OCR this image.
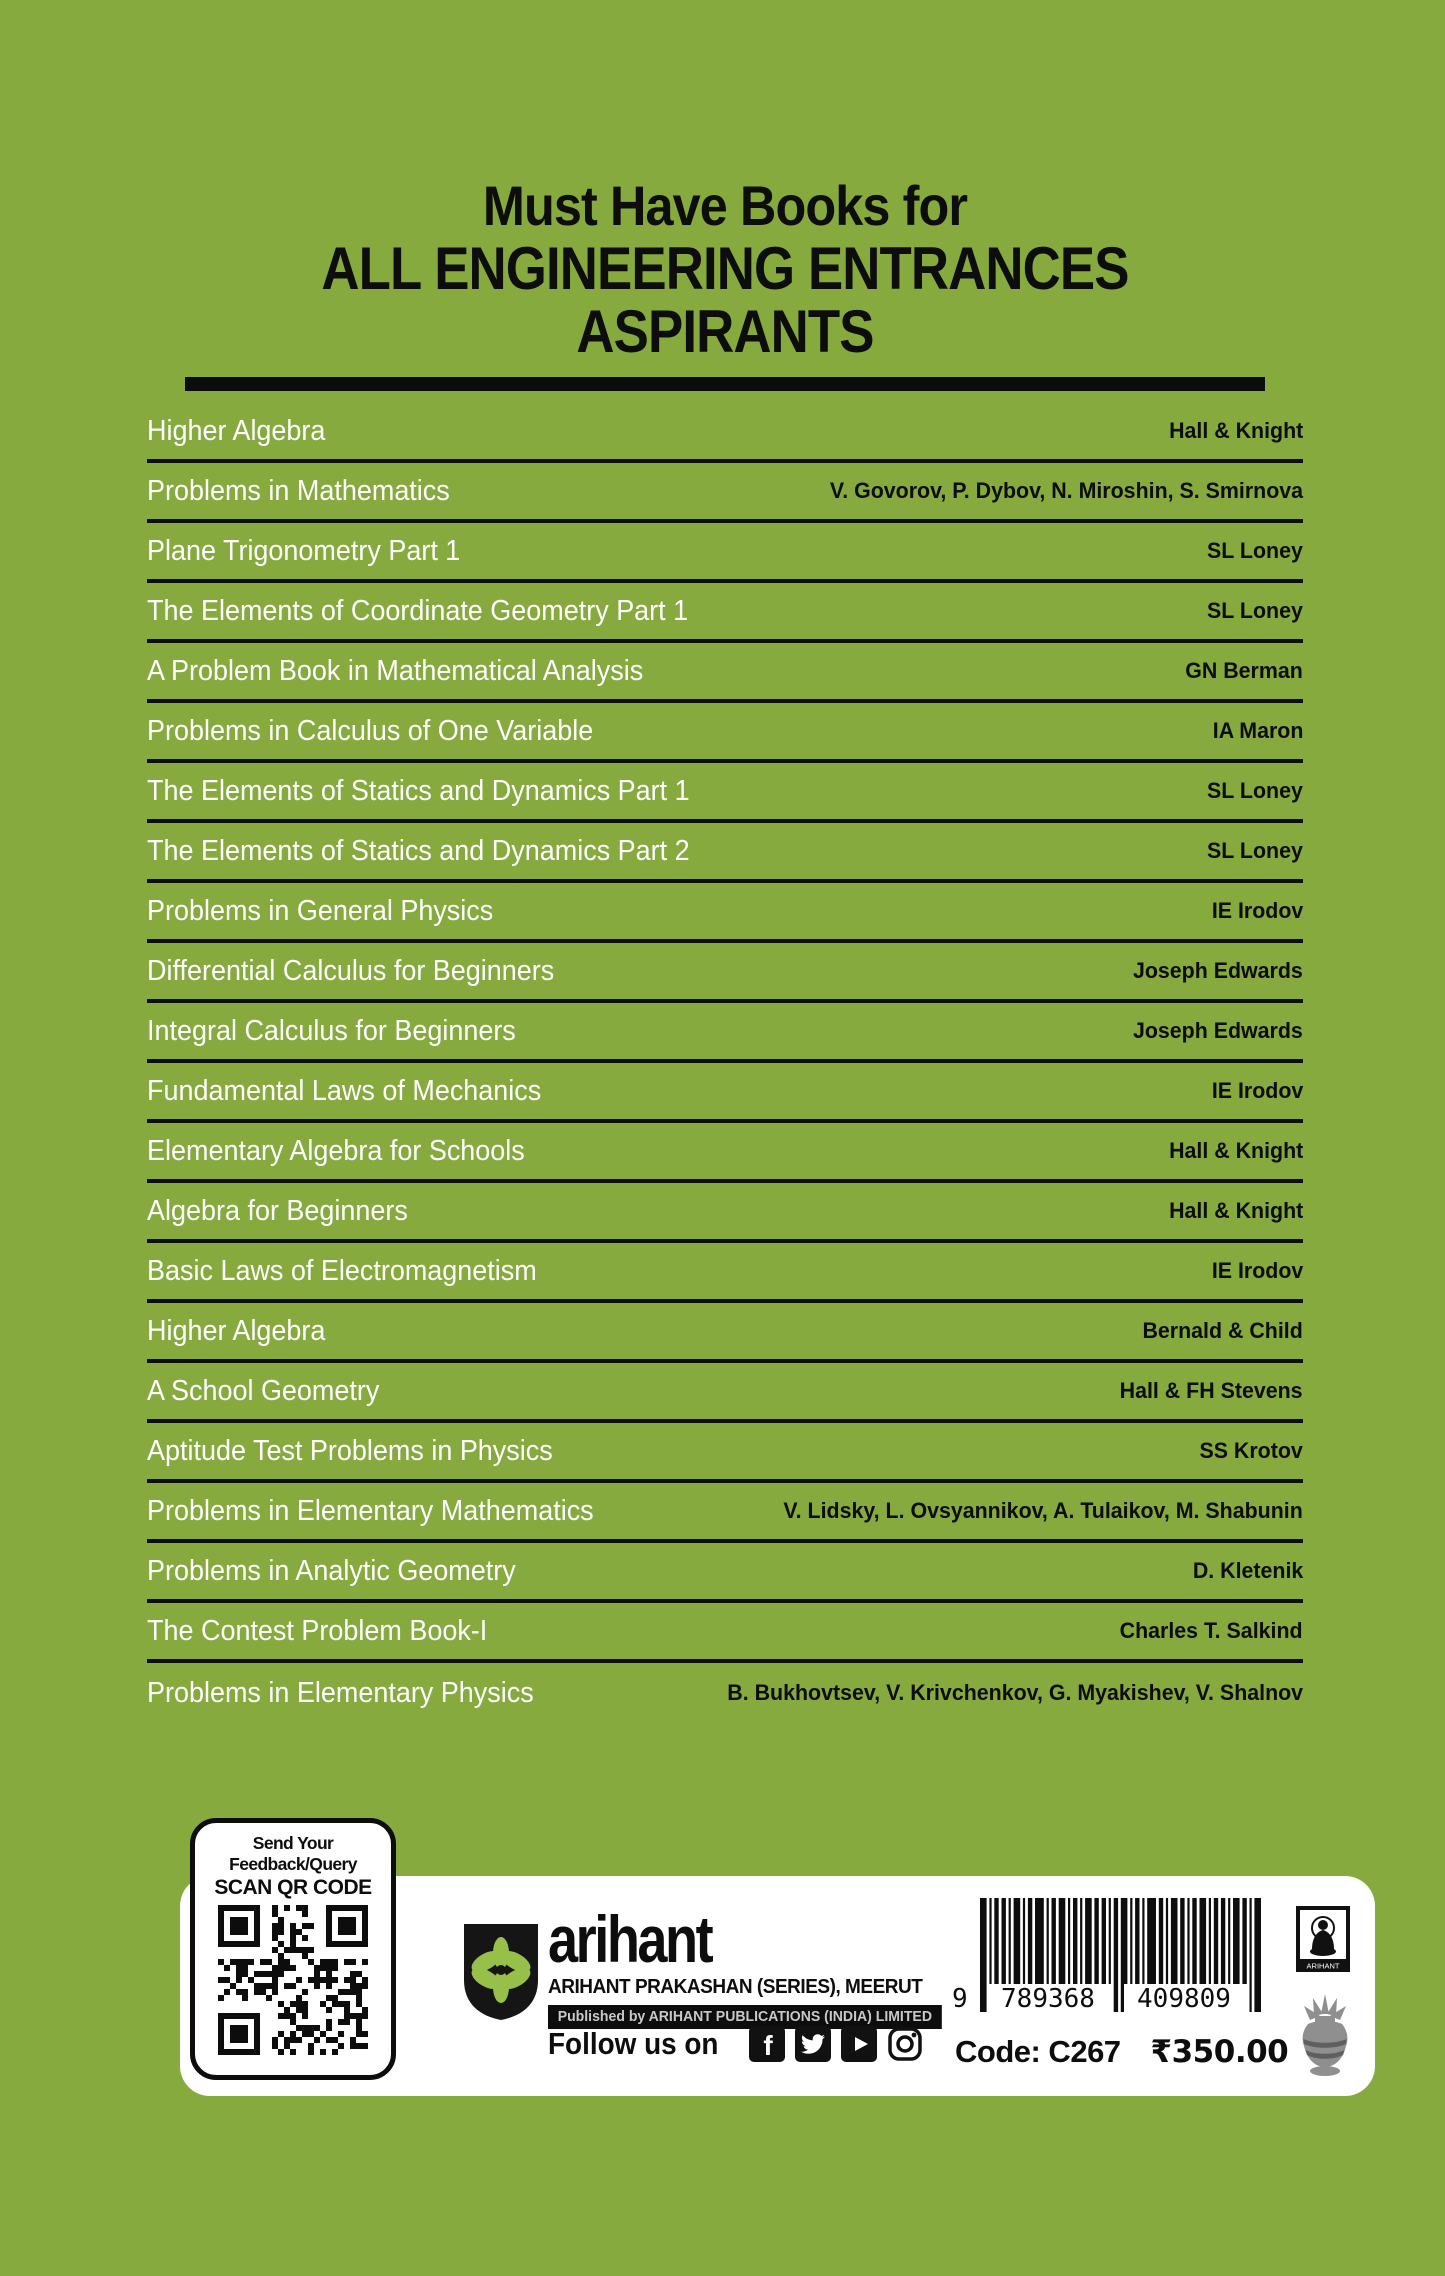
Must Have Books for
ALL ENGINEERING ENTRANCES ASPIRANTS
Higher Algebra	Hall & Knight
Problems in Mathematics	V. Govorov, P. Dybov, N. Miroshin, S. Smirnova
Plane Trigonometry Part 1	SL Loney
The Elements of Coordinate Geometry Part 1	SL Loney
A Problem Book in Mathematical Analysis	GN Berman
Problems in Calculus of One Variable	IA Maron
The Elements of Statics and Dynamics Part 1	SL Loney
The Elements of Statics and Dynamics Part 2	SL Loney
Problems in General Physics	IE Irodov
Differential Calculus for Beginners	Joseph Edwards
Integral Calculus for Beginners	Joseph Edwards
Fundamental Laws of Mechanics	IE Irodov
Elementary Algebra for Schools	Hall & Knight
Algebra for Beginners	Hall & Knight
Basic Laws of Electromagnetism	IE Irodov
Higher Algebra	Bernald & Child
A School Geometry	Hall & FH Stevens
Aptitude Test Problems in Physics	SS Krotov
Problems in Elementary Mathematics	V. Lidsky, L. Ovsyannikov, A. Tulaikov, M. Shabunin
Problems in Analytic Geometry	D. Kletenik
The Contest Problem Book-I	Charles T. Salkind
Problems in Elementary Physics	B. Bukhovtsev, V. Krivchenkov, G. Myakishev, V. Shalnov
Send Your Feedback/Query
SCAN QR CODE
arihant
ARIHANT PRAKASHAN (SERIES), MEERUT
Published by ARIHANT PUBLICATIONS (INDIA) LIMITED
Follow us on f
9	789368	409809
Code: C267 ₹350.00
ARIHANT
